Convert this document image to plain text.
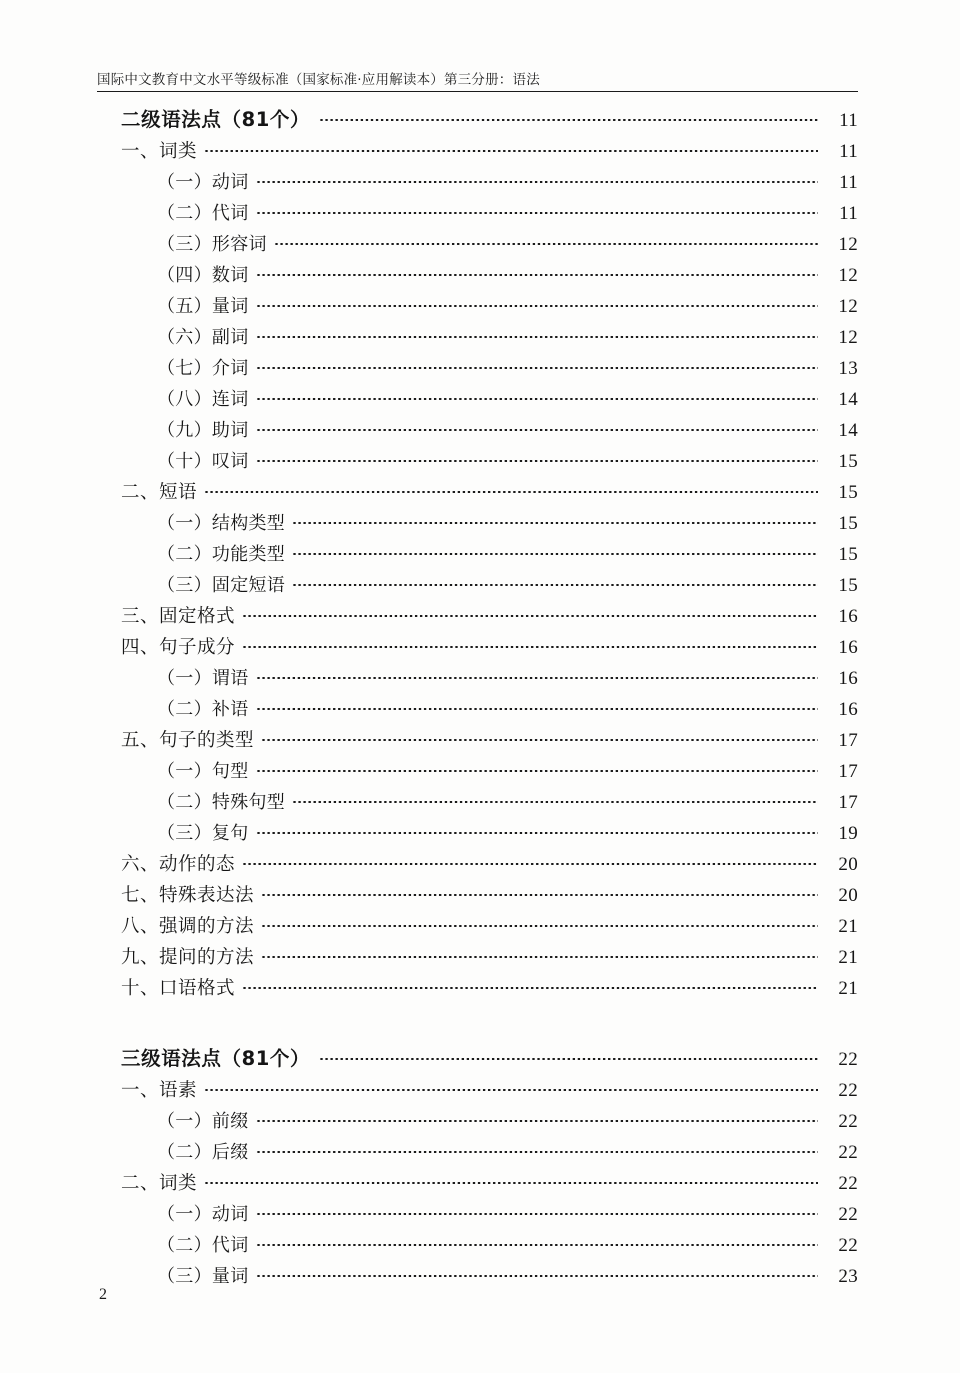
国际中文教育中文水平等级标准（国家标准·应用解读本）第三分册：语法
二级语法点（81个）	11
一、词类	11
（一）动词	11
（二）代词	11
（三）形容词	12
（四）数词	12
（五）量词	12
（六）副词	12
（七）介词	13
（八）连词	14
（九）助词	14
（十）叹词	15
二、短语	15
（一）结构类型	15
（二）功能类型	15
（三）固定短语	15
三、固定格式	16
四、句子成分	16
（一）谓语	16
（二）补语	16
五、句子的类型	17
（一）句型	17
（二）特殊句型	17
（三）复句	19
六、动作的态	20
七、特殊表达法	20
八、强调的方法	21
九、提问的方法	21
十、口语格式	21
三级语法点（81个）	22
一、语素	22
（一）前缀	22
（二）后缀	22
二、词类	22
（一）动词	22
（二）代词	22
（三）量词	23
2
